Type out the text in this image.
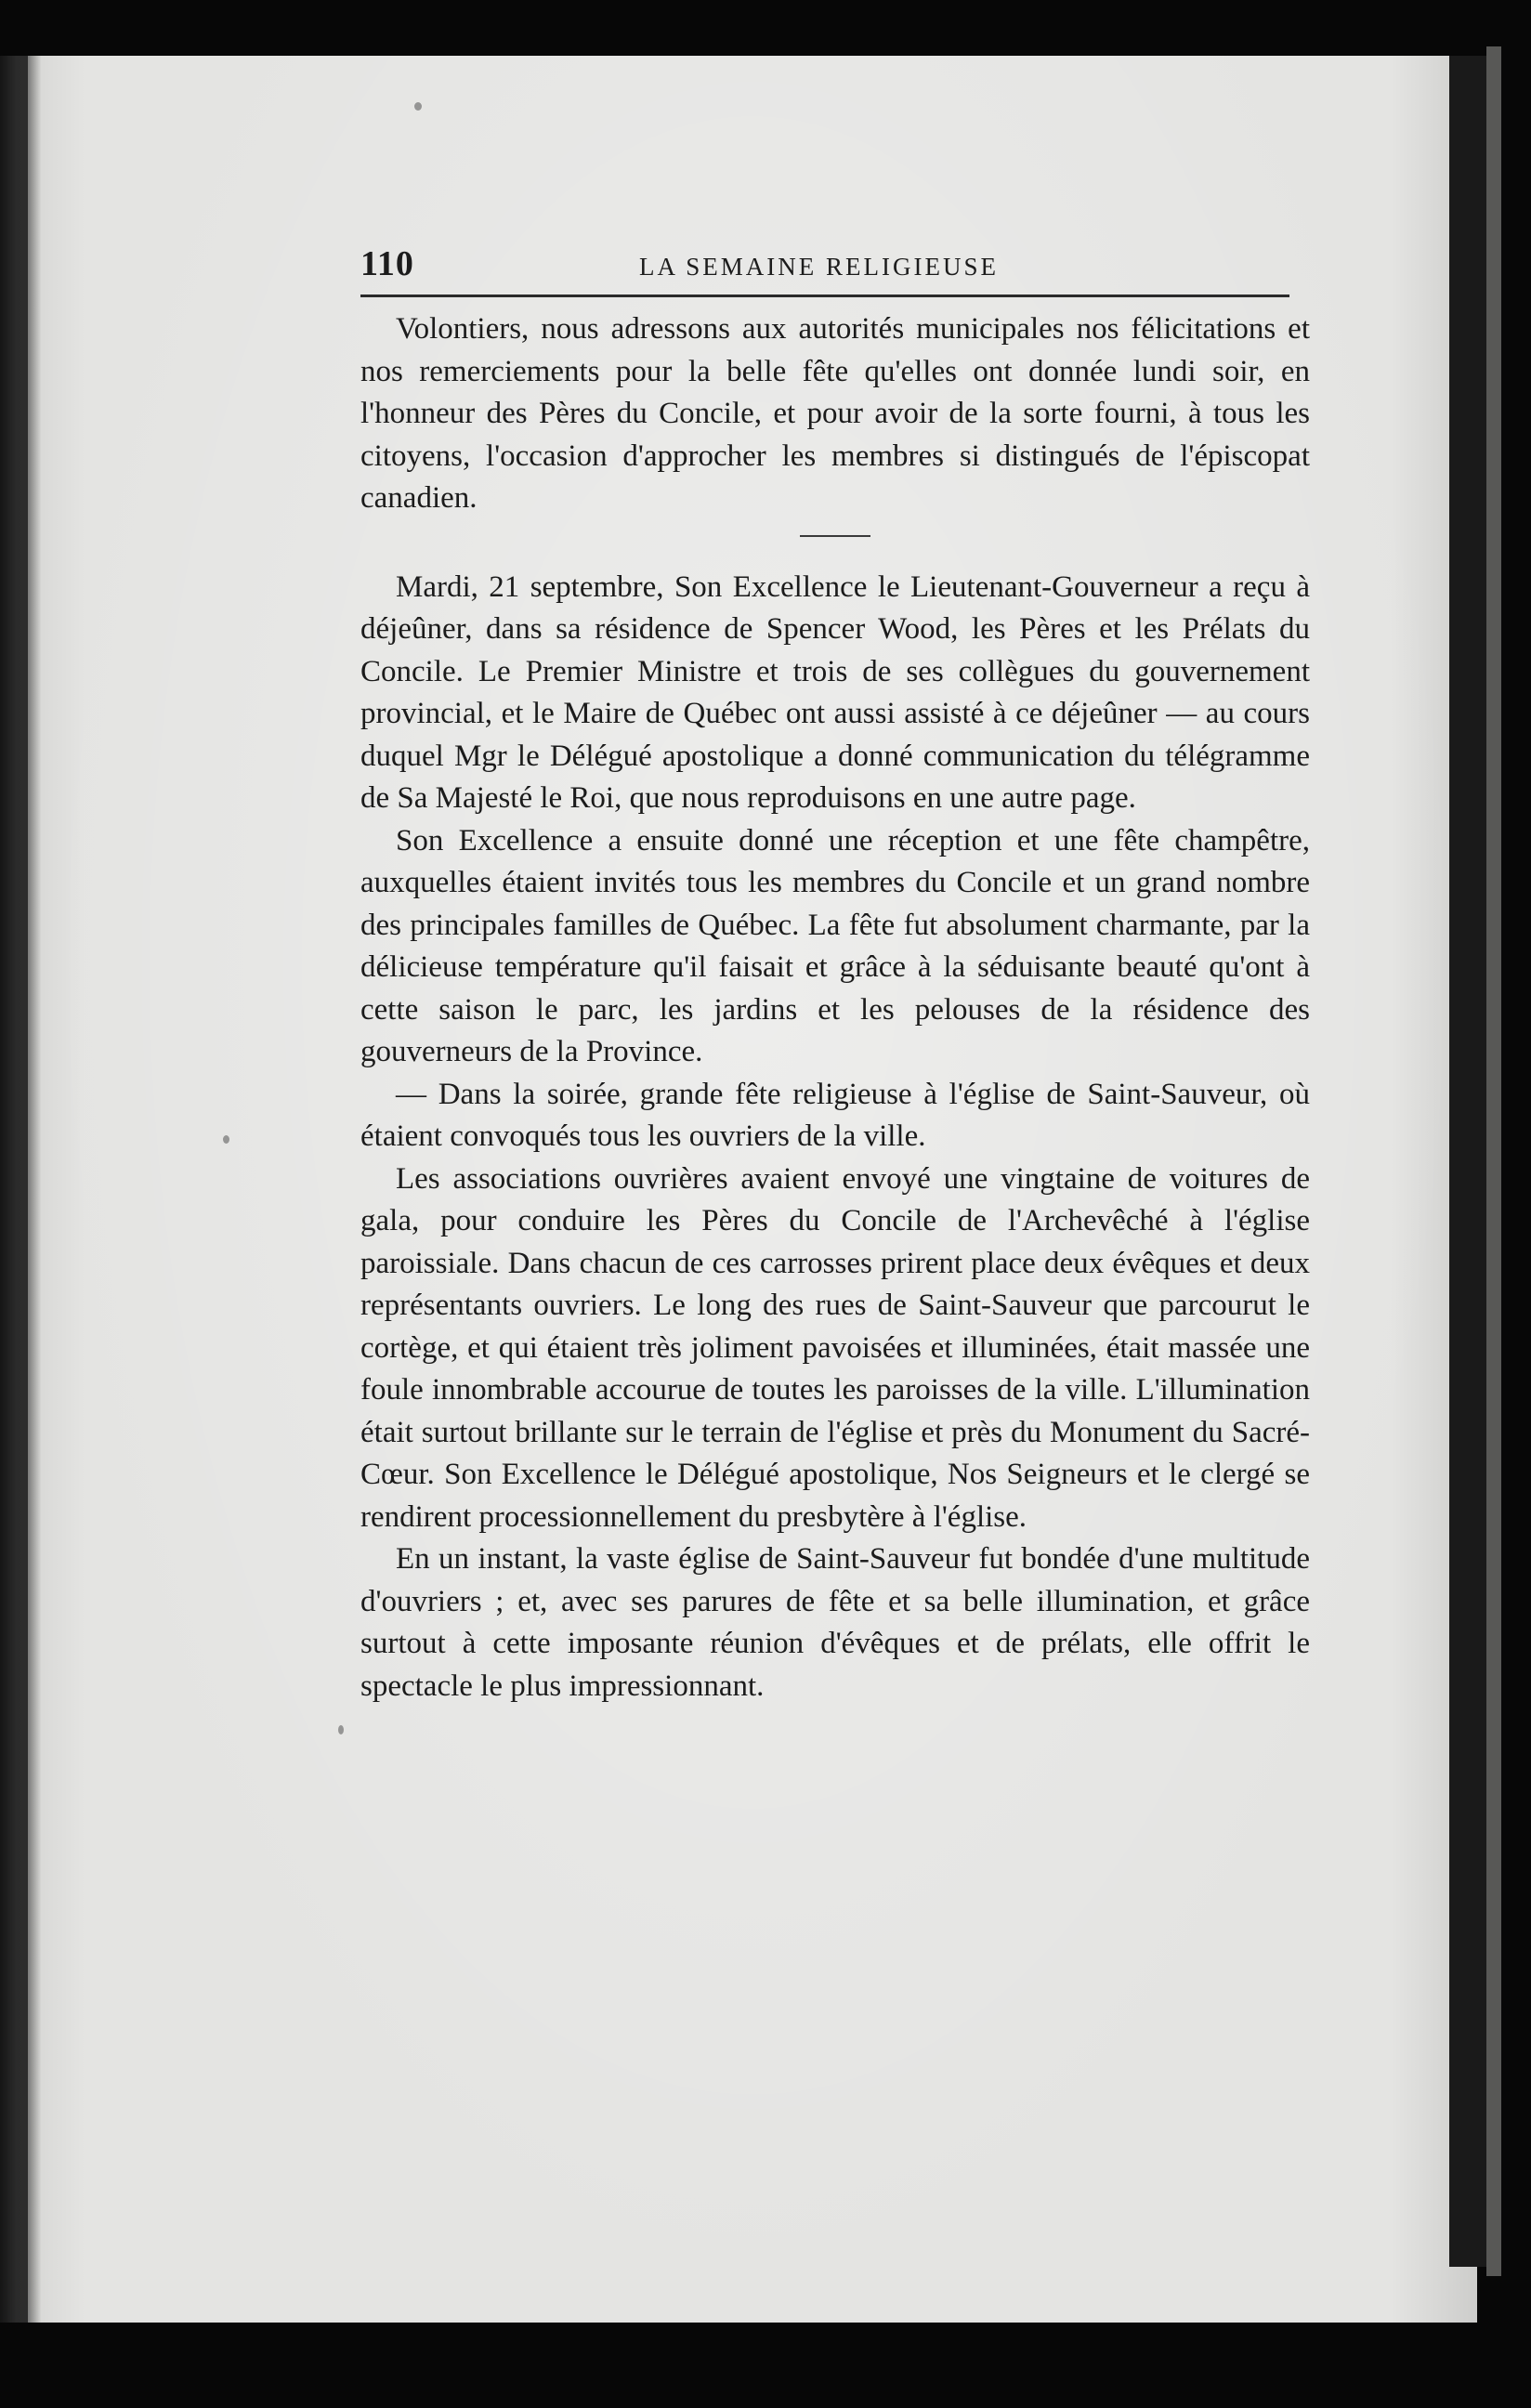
110	LA SEMAINE RELIGIEUSE

Volontiers, nous adressons aux autorités municipales nos félicitations et nos remerciements pour la belle fête qu'elles ont donnée lundi soir, en l'honneur des Pères du Concile, et pour avoir de la sorte fourni, à tous les citoyens, l'occasion d'approcher les membres si distingués de l'épiscopat canadien.

Mardi, 21 septembre, Son Excellence le Lieutenant-Gouverneur a reçu à déjeûner, dans sa résidence de Spencer Wood, les Pères et les Prélats du Concile. Le Premier Ministre et trois de ses collègues du gouvernement provincial, et le Maire de Québec ont aussi assisté à ce déjeûner — au cours duquel Mgr le Délégué apostolique a donné communication du télégramme de Sa Majesté le Roi, que nous reproduisons en une autre page.

Son Excellence a ensuite donné une réception et une fête champêtre, auxquelles étaient invités tous les membres du Concile et un grand nombre des principales familles de Québec. La fête fut absolument charmante, par la délicieuse température qu'il faisait et grâce à la séduisante beauté qu'ont à cette saison le parc, les jardins et les pelouses de la résidence des gouverneurs de la Province.

— Dans la soirée, grande fête religieuse à l'église de Saint-Sauveur, où étaient convoqués tous les ouvriers de la ville.

Les associations ouvrières avaient envoyé une vingtaine de voitures de gala, pour conduire les Pères du Concile de l'Archevêché à l'église paroissiale. Dans chacun de ces carrosses prirent place deux évêques et deux représentants ouvriers. Le long des rues de Saint-Sauveur que parcourut le cortège, et qui étaient très joliment pavoisées et illuminées, était massée une foule innombrable accourue de toutes les paroisses de la ville. L'illumination était surtout brillante sur le terrain de l'église et près du Monument du Sacré-Cœur. Son Excellence le Délégué apostolique, Nos Seigneurs et le clergé se rendirent processionnellement du presbytère à l'église.

En un instant, la vaste église de Saint-Sauveur fut bondée d'une multitude d'ouvriers ; et, avec ses parures de fête et sa belle illumination, et grâce surtout à cette imposante réunion d'évêques et de prélats, elle offrit le spectacle le plus impressionnant.
